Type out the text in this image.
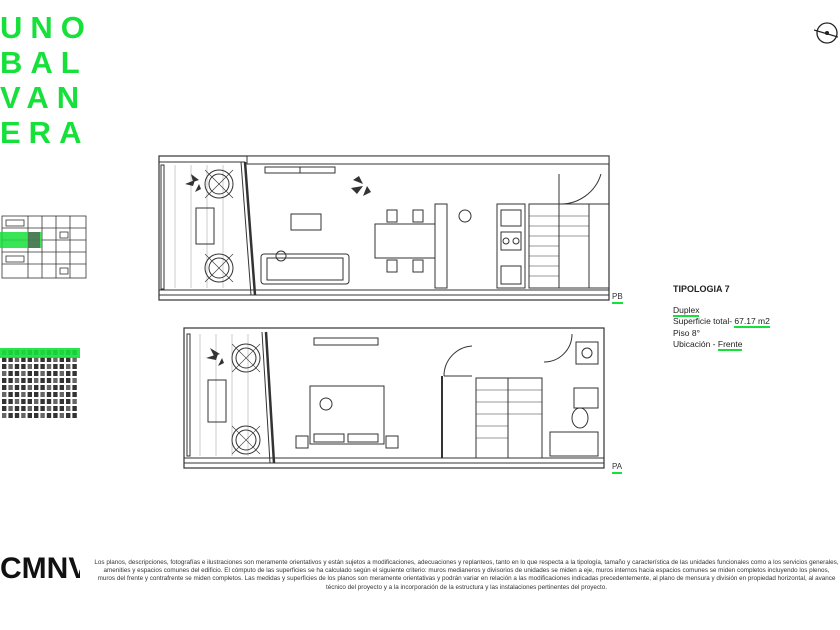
UNO
BAL
VAN
ERA
PB
PA
TIPOLOGIA 7
Duplex
Superficie total- 67.17 m2
Piso 8°
Ubicación - Frente
CMNV Los planos, descripciones, fotografías e ilustraciones son meramente orientativos y están sujetos a modificaciones, adecuaciones y replanteos, tanto en lo que respecta a la tipología, tamaño y característica de las unidades funcionales como a los servicios generales, amenities y espacios comunes del edificio. El cómputo de las superficies se ha calculado según el siguiente criterio: muros medianeros y divisorios de unidades se miden a eje, muros internos hacia espacios comunes se miden completos incluyendo los plenos, muros del frente y contrafrente se miden completos. Las medidas y superficies de los planos son meramente orientativas y podrán variar en relación a las modificaciones indicadas precedentemente, al plano de mensura y división en propiedad horizontal, al avance técnico del proyecto y a la incorporación de la estructura y las instalaciones pertinentes del proyecto.
